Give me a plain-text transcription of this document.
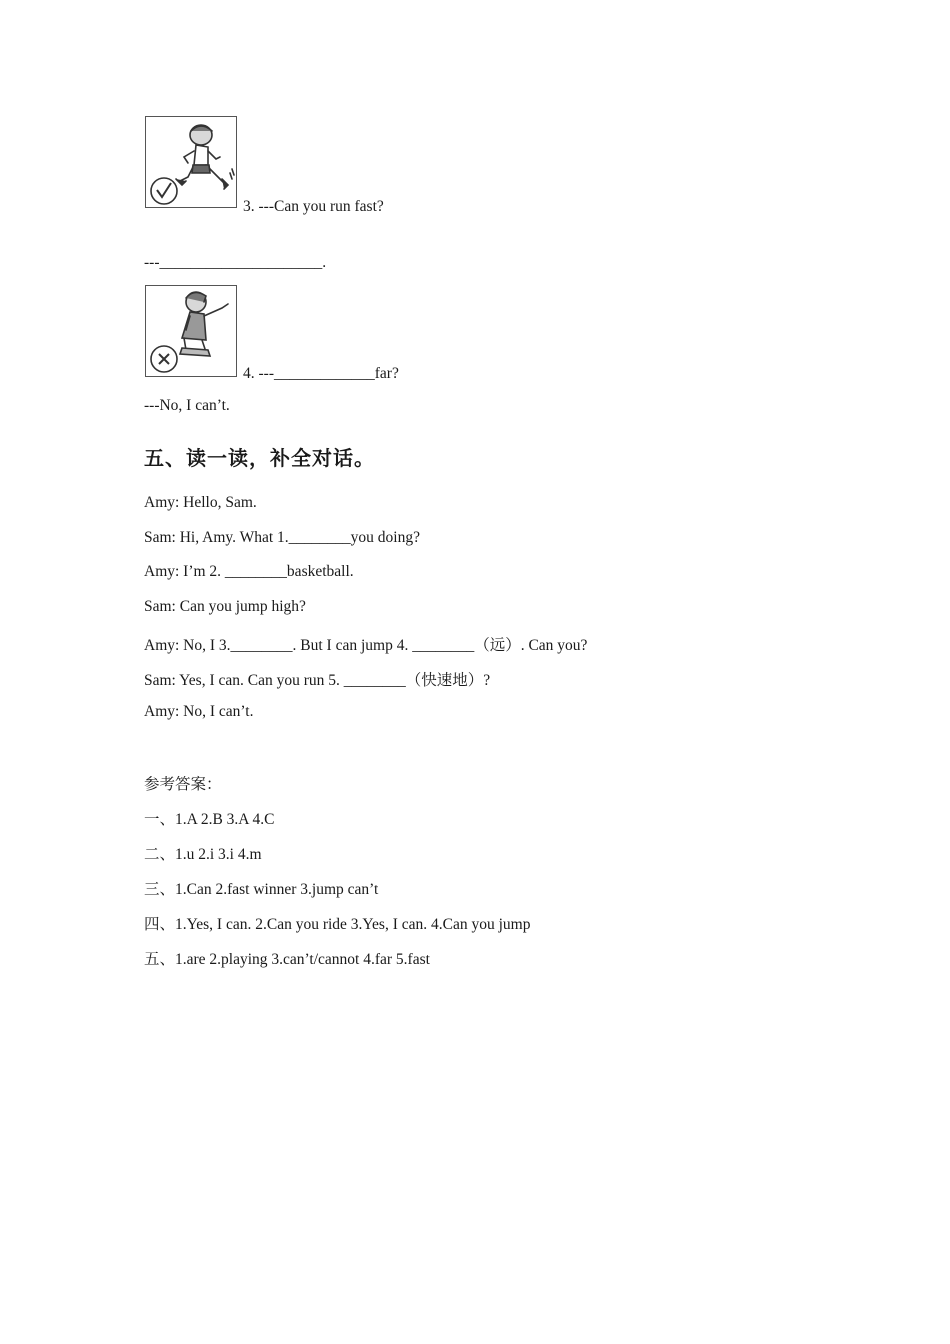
3. ---Can you run fast?
---_____________________.
4. ---_____________far?
---No, I can’t.
五、读一读，补全对话。
Amy: Hello, Sam.
Sam: Hi, Amy. What 1.________you doing?
Amy: I’m 2. ________basketball.
Sam: Can you jump high?
Amy: No, I 3.________. But I can jump 4. ________（远）. Can you?
Sam: Yes, I can. Can you run 5. ________（快速地）?
Amy: No, I can’t.
参考答案：
一、1.A 2.B 3.A 4.C
二、1.u 2.i 3.i 4.m
三、1.Can 2.fast winner 3.jump can’t
四、1.Yes, I can. 2.Can you ride 3.Yes, I can. 4.Can you jump
五、1.are 2.playing 3.can’t/cannot 4.far 5.fast
